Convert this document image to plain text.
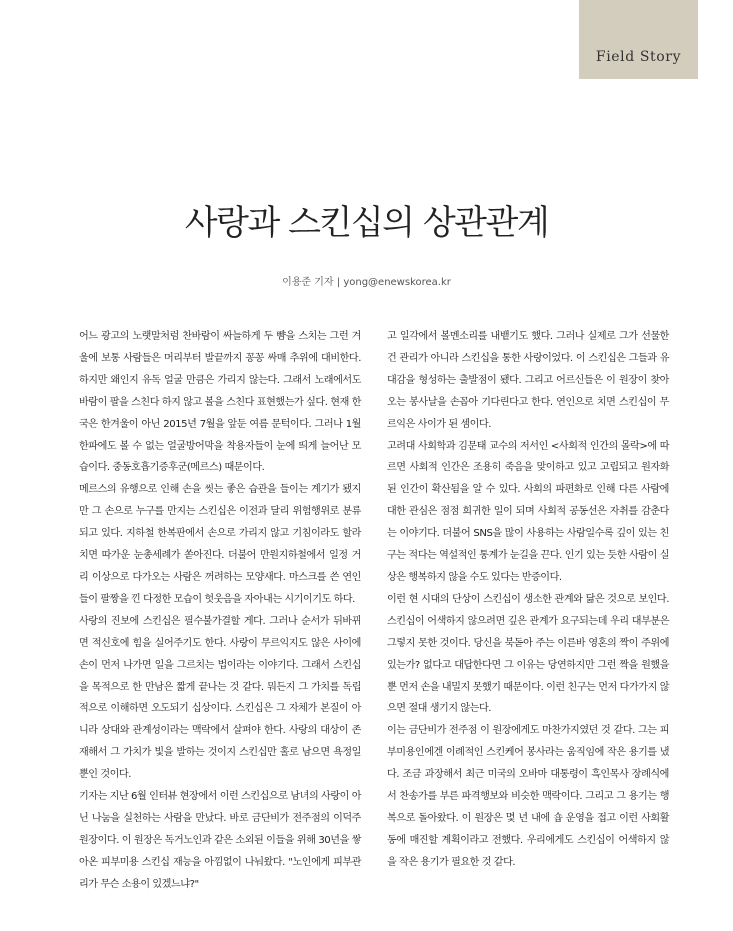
Field Story
사랑과 스킨십의 상관관계
이용준 기자 | yong@enewskorea.kr

어느 광고의 노랫말처럼 찬바람이 싸늘하게 두 뺨을 스치는 그런 겨울에 보통 사람들은 머리부터 발끝까지 꽁꽁 싸매 추위에 대비한다. 하지만 왜인지 유독 얼굴 만큼은 가리지 않는다. 그래서 노래에서도 바람이 팔을 스친다 하지 않고 볼을 스친다 표현했는가 싶다. 현재 한국은 한겨울이 아닌 2015년 7월을 앞둔 여름 문턱이다. 그러나 1월 한파에도 볼 수 없는 얼굴방어막을 착용자들이 눈에 띄게 늘어난 모습이다. 중동호흡기증후군(메르스) 때문이다.

메르스의 유행으로 인해 손을 씻는 좋은 습관을 들이는 계기가 됐지만 그 손으로 누구를 만지는 스킨십은 이전과 달리 위험행위로 분류되고 있다. 지하철 한복판에서 손으로 가리지 않고 기침이라도 할라 치면 따가운 눈총세례가 쏟아진다. 더불어 만원지하철에서 일정 거리 이상으로 다가오는 사람은 꺼려하는 모양새다. 마스크를 쓴 연인들이 팔짱을 낀 다정한 모습이 헛웃음을 자아내는 시기이기도 하다.

사랑의 진보에 스킨십은 필수불가결할 게다. 그러나 순서가 뒤바뀌면 적신호에 힘을 실어주기도 한다. 사랑이 무르익지도 않은 사이에 손이 먼저 나가면 일을 그르치는 법이라는 이야기다. 그래서 스킨십을 목적으로 한 만남은 짧게 끝나는 것 같다. 뭐든지 그 가치를 독립적으로 이해하면 오도되기 십상이다. 스킨십은 그 자체가 본질이 아니라 상대와 관계성이라는 맥락에서 살펴야 한다. 사랑의 대상이 존재해서 그 가치가 빛을 발하는 것이지 스킨십만 홀로 남으면 욕정일 뿐인 것이다.

기자는 지난 6월 인터뷰 현장에서 이런 스킨십으로 남녀의 사랑이 아닌 나눔을 실천하는 사람을 만났다. 바로 금단비가 전주점의 이덕주 원장이다. 이 원장은 독거노인과 같은 소외된 이들을 위해 30년을 쌓아온 피부미용 스킨십 재능을 아낌없이 나눠왔다. "노인에게 피부관리가 무슨 소용이 있겠느냐?"

고 일각에서 볼멘소리를 내뱉기도 했다. 그러나 실제로 그가 선물한 건 관리가 아니라 스킨십을 통한 사랑이었다. 이 스킨십은 그들과 유대감을 형성하는 출발점이 됐다. 그리고 어르신들은 이 원장이 찾아오는 봉사날을 손꼽아 기다린다고 한다. 연인으로 치면 스킨십이 무르익은 사이가 된 셈이다.

고려대 사회학과 김문태 교수의 저서인 <사회적 인간의 몰락>에 따르면 사회적 인간은 조용히 죽음을 맞이하고 있고 고립되고 원자화된 인간이 확산됨을 알 수 있다. 사회의 파편화로 인해 다른 사람에 대한 관심은 점점 희귀한 일이 되며 사회적 공동선은 자취를 감춘다는 이야기다. 더불어 SNS을 많이 사용하는 사람일수록 깊이 있는 친구는 적다는 역설적인 통계가 눈길을 끈다. 인기 있는 듯한 사람이 실상은 행복하지 않을 수도 있다는 반증이다.

이런 현 시대의 단상이 스킨십이 생소한 관계와 닮은 것으로 보인다. 스킨십이 어색하지 않으려면 깊은 관계가 요구되는데 우리 대부분은 그렇지 못한 것이다. 당신을 북돋아 주는 이른바 영혼의 짝이 주위에 있는가? 없다고 대답한다면 그 이유는 당연하지만 그런 짝을 원했을 뿐 먼저 손을 내밀지 못했기 때문이다. 이런 친구는 먼저 다가가지 않으면 절대 생기지 않는다.

이는 금단비가 전주점 이 원장에게도 마찬가지였던 것 같다. 그는 피부미용인에겐 이례적인 스킨케어 봉사라는 움직임에 작은 용기를 냈다. 조금 과장해서 최근 미국의 오바마 대통령이 흑인목사 장례식에서 찬송가를 부른 파격행보와 비슷한 맥락이다. 그리고 그 용기는 행복으로 돌아왔다. 이 원장은 몇 년 내에 숍 운영을 접고 이런 사회활동에 매진할 계획이라고 전했다. 우리에게도 스킨십이 어색하지 않을 작은 용기가 필요한 것 같다.
